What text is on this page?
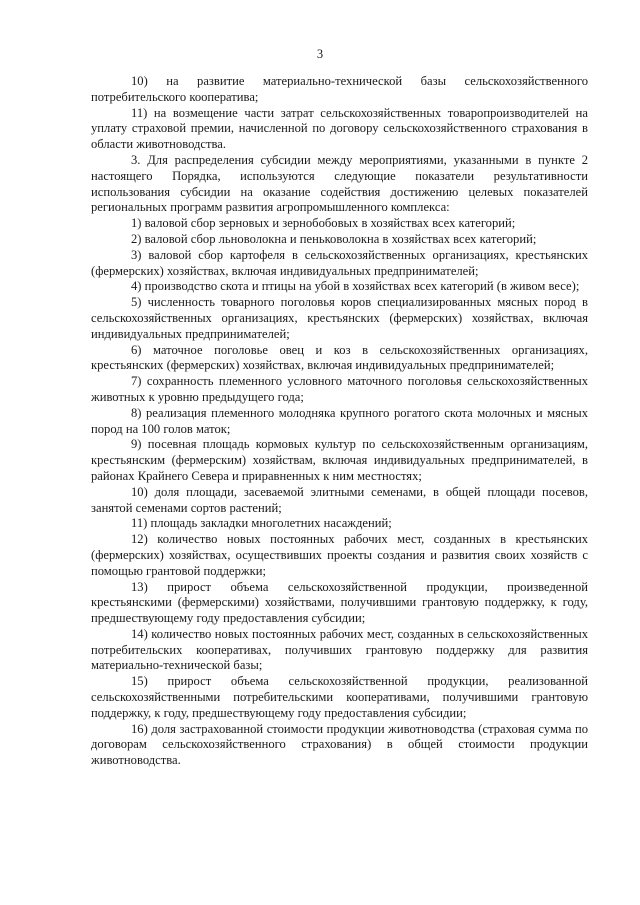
3

10) на развитие материально-технической базы сельскохозяйственного потребительского кооператива;

11) на возмещение части затрат сельскохозяйственных товаропроизводителей на уплату страховой премии, начисленной по договору сельскохозяйственного страхования в области животноводства.

3. Для распределения субсидии между мероприятиями, указанными в пункте 2 настоящего Порядка, используются следующие показатели результативности использования субсидии на оказание содействия достижению целевых показателей региональных программ развития агропромышленного комплекса:

1) валовой сбор зерновых и зернобобовых в хозяйствах всех категорий;

2) валовой сбор льноволокна и пеньковолокна в хозяйствах всех категорий;

3) валовой сбор картофеля в сельскохозяйственных организациях, крестьянских (фермерских) хозяйствах, включая индивидуальных предпринимателей;

4) производство скота и птицы на убой в хозяйствах всех категорий (в живом весе);

5) численность товарного поголовья коров специализированных мясных пород в сельскохозяйственных организациях, крестьянских (фермерских) хозяйствах, включая индивидуальных предпринимателей;

6) маточное поголовье овец и коз в сельскохозяйственных организациях, крестьянских (фермерских) хозяйствах, включая индивидуальных предпринимателей;

7) сохранность племенного условного маточного поголовья сельскохозяйственных животных к уровню предыдущего года;

8) реализация племенного молодняка крупного рогатого скота молочных и мясных пород на 100 голов маток;

9) посевная площадь кормовых культур по сельскохозяйственным организациям, крестьянским (фермерским) хозяйствам, включая индивидуальных предпринимателей, в районах Крайнего Севера и приравненных к ним местностях;

10) доля площади, засеваемой элитными семенами, в общей площади посевов, занятой семенами сортов растений;

11) площадь закладки многолетних насаждений;

12) количество новых постоянных рабочих мест, созданных в крестьянских (фермерских) хозяйствах, осуществивших проекты создания и развития своих хозяйств с помощью грантовой поддержки;

13) прирост объема сельскохозяйственной продукции, произведенной крестьянскими (фермерскими) хозяйствами, получившими грантовую поддержку, к году, предшествующему году предоставления субсидии;

14) количество новых постоянных рабочих мест, созданных в сельскохозяйственных потребительских кооперативах, получивших грантовую поддержку для развития материально-технической базы;

15) прирост объема сельскохозяйственной продукции, реализованной сельскохозяйственными потребительскими кооперативами, получившими грантовую поддержку, к году, предшествующему году предоставления субсидии;

16) доля застрахованной стоимости продукции животноводства (страховая сумма по договорам сельскохозяйственного страхования) в общей стоимости продукции животноводства.
